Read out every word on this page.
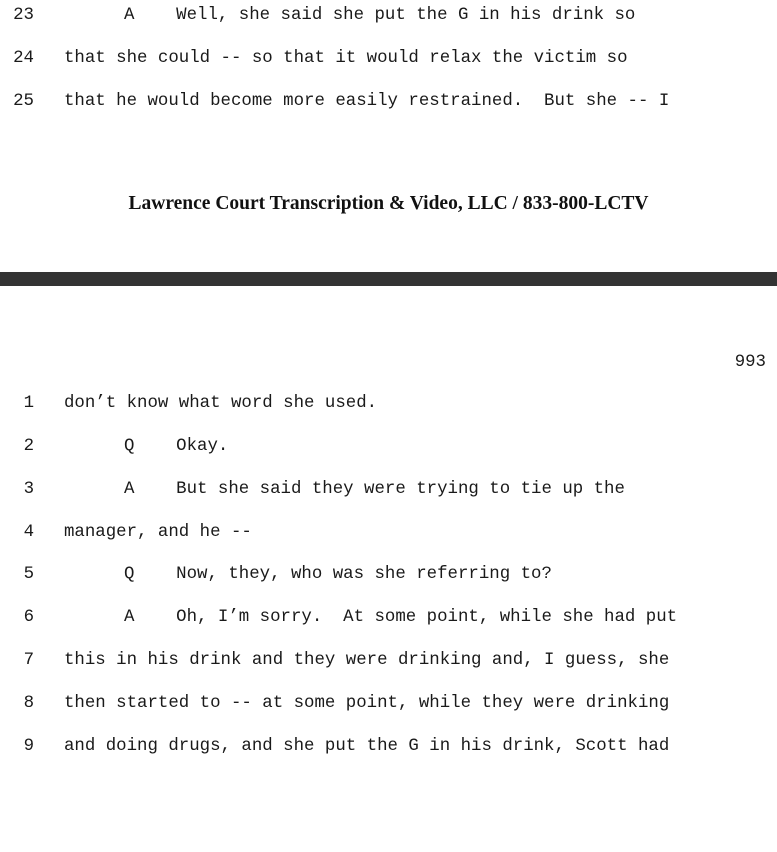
23

	A    Well, she said she put the G in his drink so

24

that she could -- so that it would relax the victim so

25

that he would become more easily restrained.  But she -- I

Lawrence Court Transcription & Video, LLC / 833-800-LCTV
993

1

don’t know what word she used.

2

	Q    Okay.

3

	A    But she said they were trying to tie up the

4

manager, and he --

5

	Q    Now, they, who was she referring to?

6

	A    Oh, I’m sorry.  At some point, while she had put

7

this in his drink and they were drinking and, I guess, she

8

then started to -- at some point, while they were drinking

9

and doing drugs, and she put the G in his drink, Scott had
